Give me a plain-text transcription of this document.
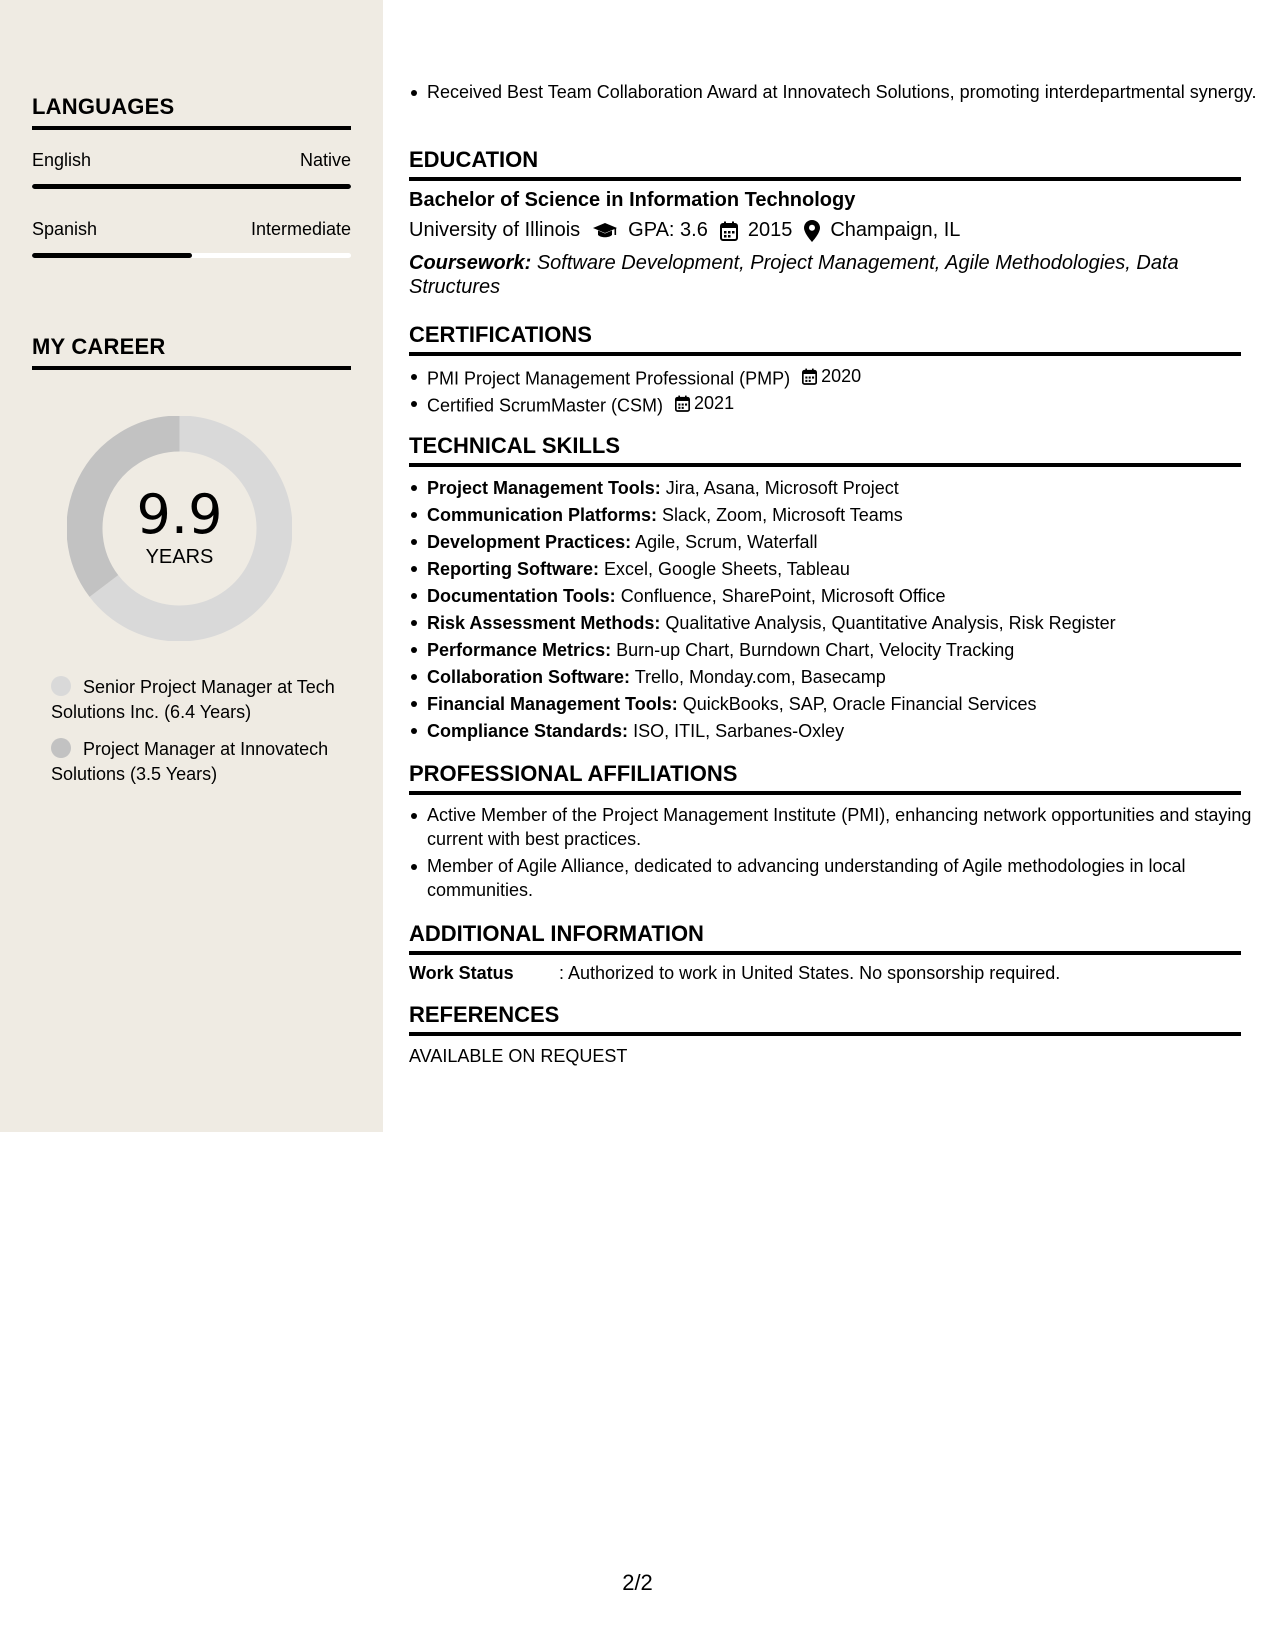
LANGUAGES
English	Native
Spanish	Intermediate
MY CAREER
9.9
YEARS
Senior Project Manager at Tech Solutions Inc. (6.4 Years)
Project Manager at Innovatech Solutions (3.5 Years)
Received Best Team Collaboration Award at Innovatech Solutions, promoting interdepartmental synergy.
EDUCATION
Bachelor of Science in Information Technology
University of Illinois GPA: 3.6 2015 Champaign, IL
Coursework: Software Development, Project Management, Agile Methodologies, Data Structures
CERTIFICATIONS
PMI Project Management Professional (PMP) 2020
Certified ScrumMaster (CSM) 2021
TECHNICAL SKILLS
Project Management Tools: Jira, Asana, Microsoft Project
Communication Platforms: Slack, Zoom, Microsoft Teams
Development Practices: Agile, Scrum, Waterfall
Reporting Software: Excel, Google Sheets, Tableau
Documentation Tools: Confluence, SharePoint, Microsoft Office
Risk Assessment Methods: Qualitative Analysis, Quantitative Analysis, Risk Register
Performance Metrics: Burn-up Chart, Burndown Chart, Velocity Tracking
Collaboration Software: Trello, Monday.com, Basecamp
Financial Management Tools: QuickBooks, SAP, Oracle Financial Services
Compliance Standards: ISO, ITIL, Sarbanes-Oxley
PROFESSIONAL AFFILIATIONS
Active Member of the Project Management Institute (PMI), enhancing network opportunities and staying current with best practices.
Member of Agile Alliance, dedicated to advancing understanding of Agile methodologies in local communities.
ADDITIONAL INFORMATION
Work Status	: Authorized to work in United States. No sponsorship required.
REFERENCES
AVAILABLE ON REQUEST
2/2
